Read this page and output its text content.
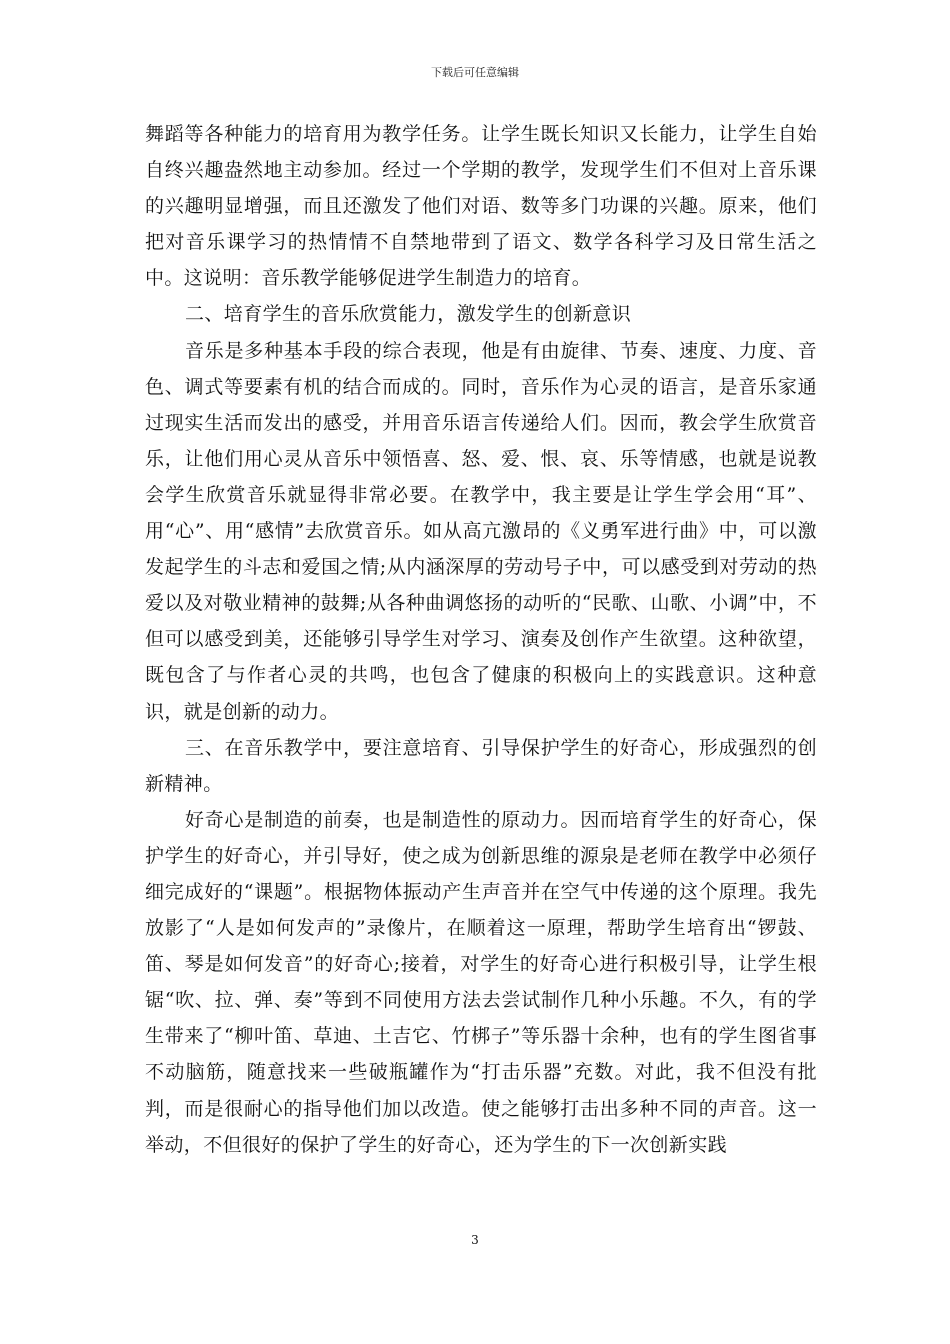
下载后可任意编辑

舞蹈等各种能力的培育用为教学任务。让学生既长知识又长能力，让学生自始自终兴趣盎然地主动参加。经过一个学期的教学，发现学生们不但对上音乐课的兴趣明显增强，而且还激发了他们对语、数等多门功课的兴趣。原来，他们把对音乐课学习的热情情不自禁地带到了语文、数学各科学习及日常生活之中。这说明：音乐教学能够促进学生制造力的培育。

二、培育学生的音乐欣赏能力，激发学生的创新意识

音乐是多种基本手段的综合表现，他是有由旋律、节奏、速度、力度、音色、调式等要素有机的结合而成的。同时，音乐作为心灵的语言，是音乐家通过现实生活而发出的感受，并用音乐语言传递给人们。因而，教会学生欣赏音乐，让他们用心灵从音乐中领悟喜、怒、爱、恨、哀、乐等情感，也就是说教会学生欣赏音乐就显得非常必要。在教学中，我主要是让学生学会用“耳”、用“心”、用“感情”去欣赏音乐。如从高亢激昂的《义勇军进行曲》中，可以激发起学生的斗志和爱国之情;从内涵深厚的劳动号子中，可以感受到对劳动的热爱以及对敬业精神的鼓舞;从各种曲调悠扬的动听的“民歌、山歌、小调”中，不但可以感受到美，还能够引导学生对学习、演奏及创作产生欲望。这种欲望，既包含了与作者心灵的共鸣，也包含了健康的积极向上的实践意识。这种意识，就是创新的动力。

三、在音乐教学中，要注意培育、引导保护学生的好奇心，形成强烈的创新精神。

好奇心是制造的前奏，也是制造性的原动力。因而培育学生的好奇心，保护学生的好奇心，并引导好，使之成为创新思维的源泉是老师在教学中必须仔细完成好的“课题”。根据物体振动产生声音并在空气中传递的这个原理。我先放影了“人是如何发声的”录像片，在顺着这一原理，帮助学生培育出“锣鼓、笛、琴是如何发音”的好奇心;接着，对学生的好奇心进行积极引导，让学生根锯“吹、拉、弹、奏”等到不同使用方法去尝试制作几种小乐趣。不久，有的学生带来了“柳叶笛、草迪、土吉它、竹梆子”等乐器十余种，也有的学生图省事不动脑筋，随意找来一些破瓶罐作为“打击乐器”充数。对此，我不但没有批判，而是很耐心的指导他们加以改造。使之能够打击出多种不同的声音。这一举动，不但很好的保护了学生的好奇心，还为学生的下一次创新实践

3
